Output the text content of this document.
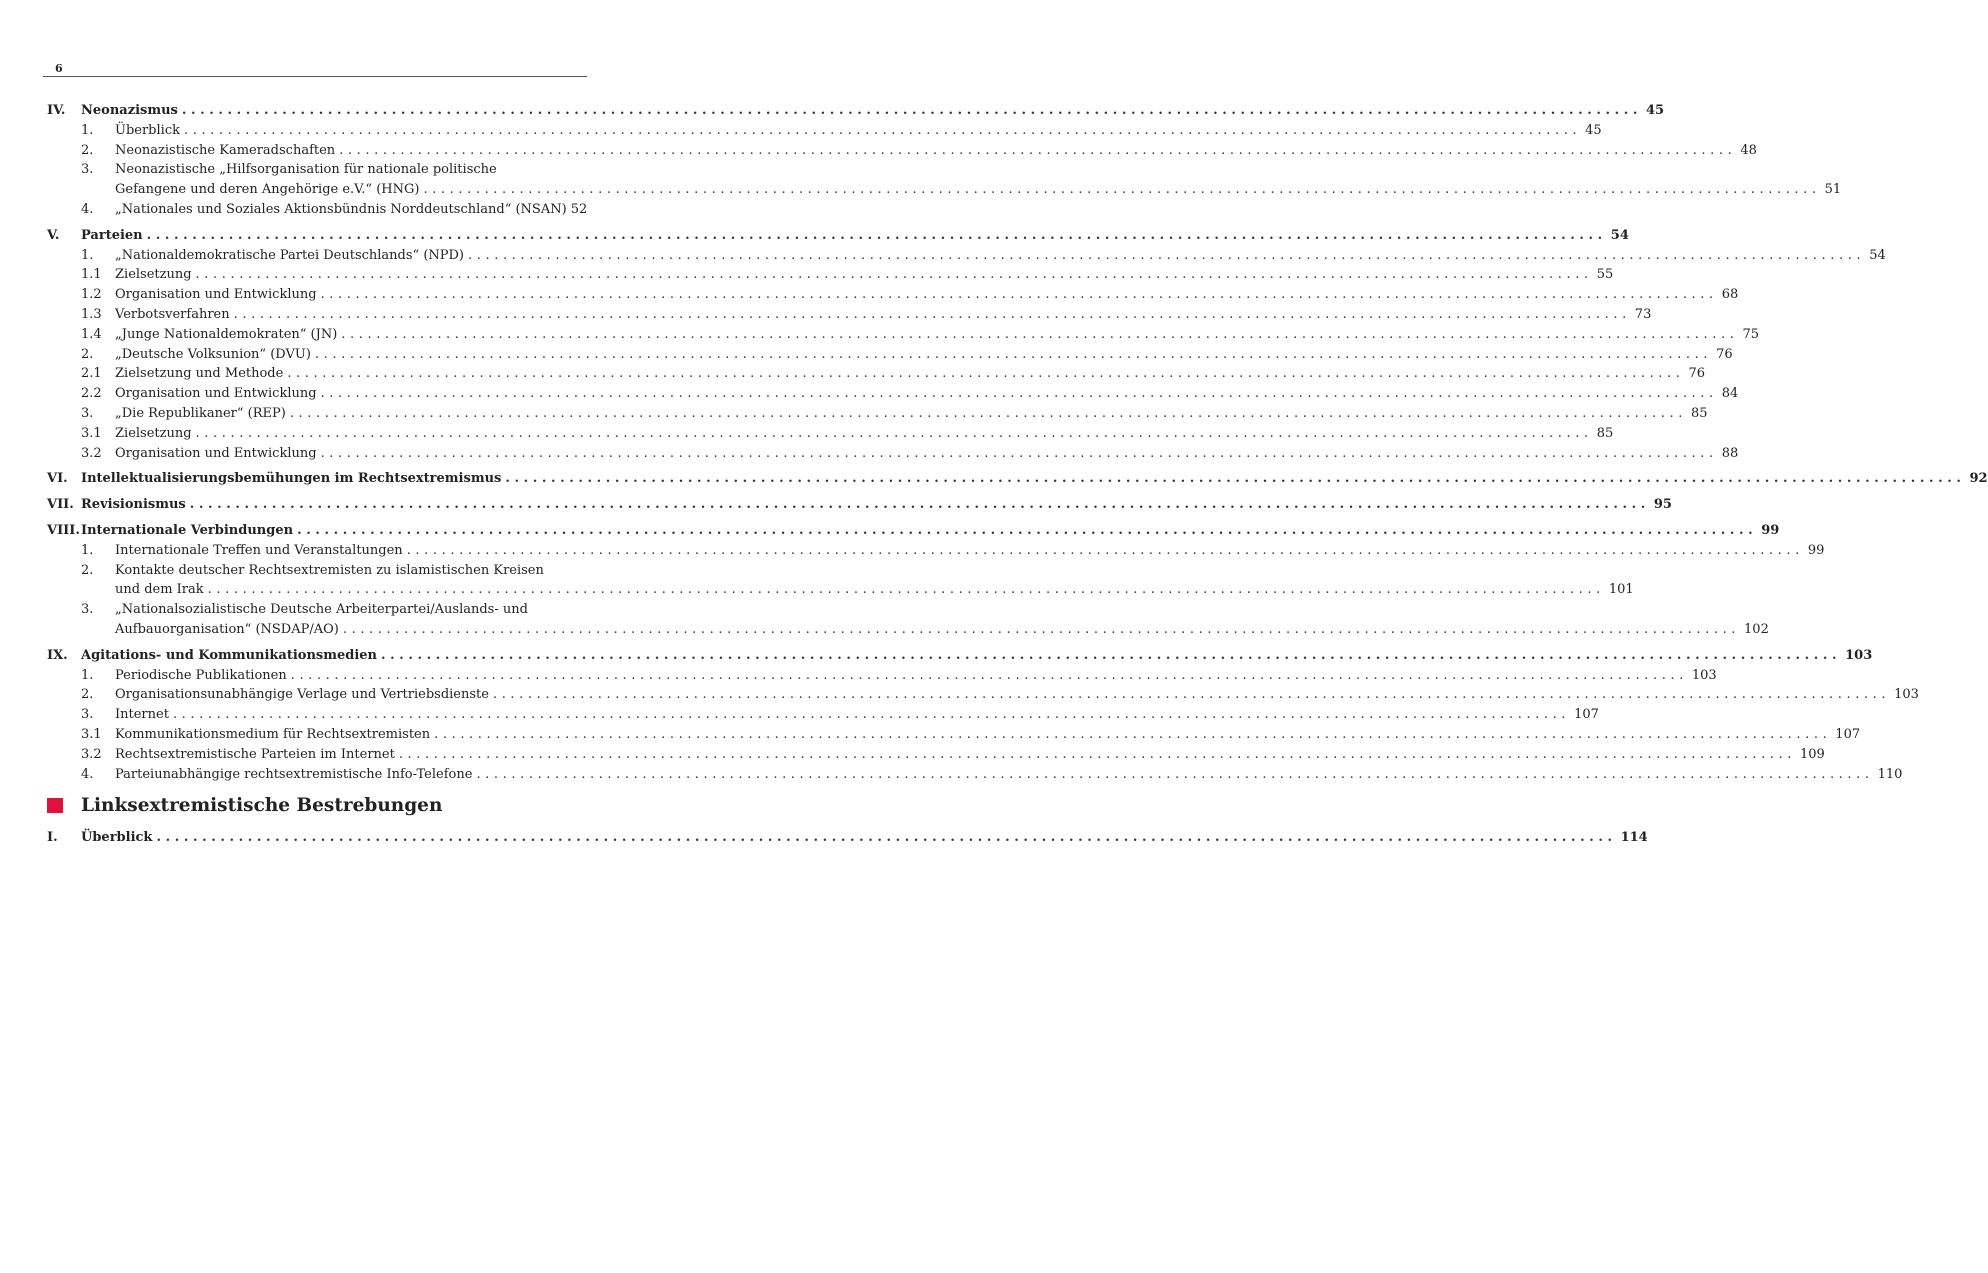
6
IV. Neonazismus ................................................................................................................................................................ 45
1. Überblick ................................................................................................................................................................ 45
2. Neonazistische Kameradschaften ................................................................................................................................................................ 48
3. Neonazistische „Hilfsorganisation für nationale politische
Gefangene und deren Angehörige e.V.“ (HNG) ................................................................................................................................................................ 51
4. „Nationales und Soziales Aktionsbündnis Norddeutschland“ (NSAN) 52
V. Parteien ................................................................................................................................................................ 54
1. „Nationaldemokratische Partei Deutschlands“ (NPD) ................................................................................................................................................................ 54
1.1 Zielsetzung ................................................................................................................................................................ 55
1.2 Organisation und Entwicklung ................................................................................................................................................................ 68
1.3 Verbotsverfahren ................................................................................................................................................................ 73
1.4 „Junge Nationaldemokraten“ (JN) ................................................................................................................................................................ 75
2. „Deutsche Volksunion“ (DVU) ................................................................................................................................................................ 76
2.1 Zielsetzung und Methode ................................................................................................................................................................ 76
2.2 Organisation und Entwicklung ................................................................................................................................................................ 84
3. „Die Republikaner“ (REP) ................................................................................................................................................................ 85
3.1 Zielsetzung ................................................................................................................................................................ 85
3.2 Organisation und Entwicklung ................................................................................................................................................................ 88
VI. Intellektualisierungsbemühungen im Rechtsextremismus ................................................................................................................................................................ 92
VII. Revisionismus ................................................................................................................................................................ 95
VIII. Internationale Verbindungen ................................................................................................................................................................ 99
1. Internationale Treffen und Veranstaltungen ................................................................................................................................................................ 99
2. Kontakte deutscher Rechtsextremisten zu islamistischen Kreisen
und dem Irak ................................................................................................................................................................ 101
3. „Nationalsozialistische Deutsche Arbeiterpartei/Auslands- und
Aufbauorganisation“ (NSDAP/AO) ................................................................................................................................................................ 102
IX. Agitations- und Kommunikationsmedien ................................................................................................................................................................ 103
1. Periodische Publikationen ................................................................................................................................................................ 103
2. Organisationsunabhängige Verlage und Vertriebsdienste ................................................................................................................................................................ 103
3. Internet ................................................................................................................................................................ 107
3.1 Kommunikationsmedium für Rechtsextremisten ................................................................................................................................................................ 107
3.2 Rechtsextremistische Parteien im Internet ................................................................................................................................................................ 109
4. Parteiunabhängige rechtsextremistische Info-Telefone ................................................................................................................................................................ 110
Linksextremistische Bestrebungen
I. Überblick ................................................................................................................................................................ 114
